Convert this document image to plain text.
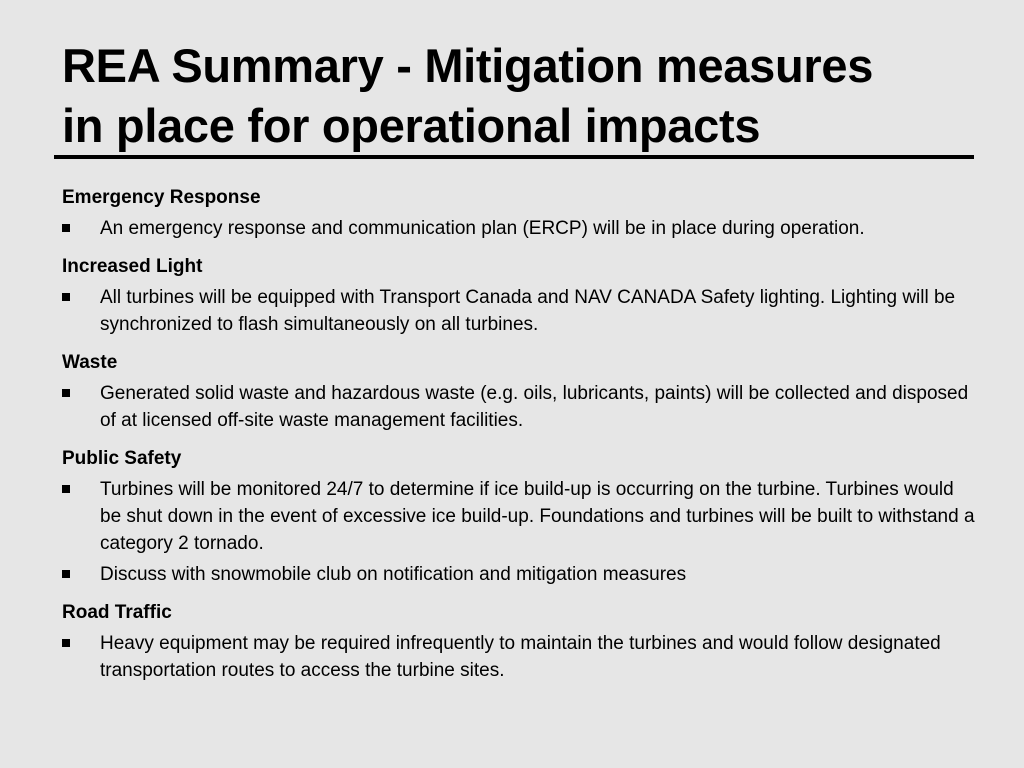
REA Summary - Mitigation measures
in place for operational impacts
Emergency Response
An emergency response and communication plan (ERCP) will be in place during operation.
Increased Light
All turbines will be equipped with Transport Canada and NAV CANADA Safety lighting. Lighting will be synchronized to flash simultaneously on all turbines.
Waste
Generated solid waste and hazardous waste (e.g. oils, lubricants, paints) will be collected and disposed of at licensed off-site waste management facilities.
Public Safety
Turbines will be monitored 24/7 to determine if ice build-up is occurring on the turbine. Turbines would be shut down in the event of excessive ice build-up. Foundations and turbines will be built to withstand a category 2 tornado.
Discuss with snowmobile club on notification and mitigation measures
Road Traffic
Heavy equipment may be required infrequently to maintain the turbines and would follow designated transportation routes to access the turbine sites.
